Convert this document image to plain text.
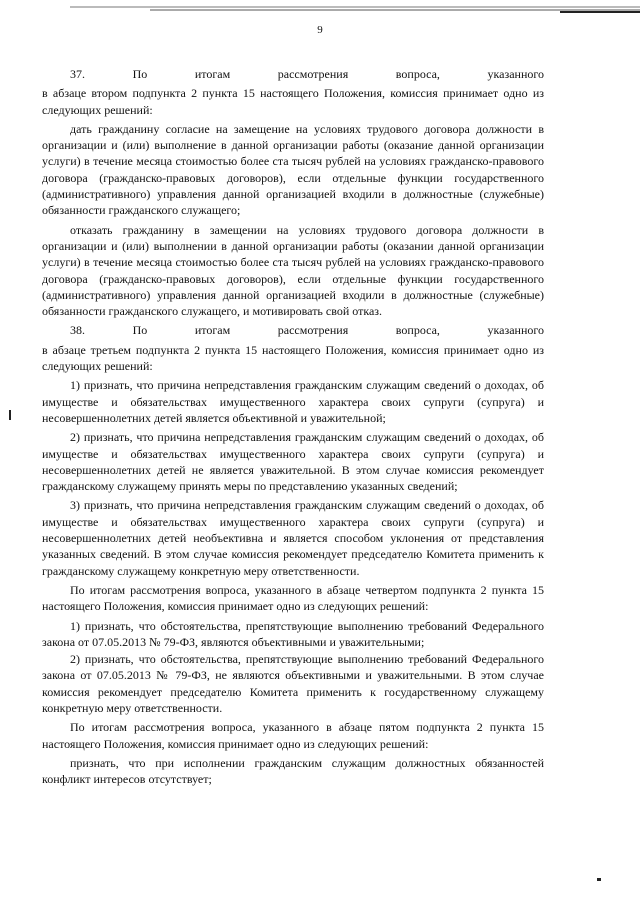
9

37.        По        итогам        рассмотрения        вопроса,        указанного

в абзаце втором подпункта 2 пункта 15 настоящего Положения, комиссия принимает одно из следующих решений:

дать гражданину согласие на замещение на условиях трудового договора должности в организации и (или) выполнение в данной организации работы (оказание данной организации услуги) в течение месяца стоимостью более ста тысяч рублей на условиях гражданско-правового договора (гражданско-правовых договоров), если отдельные функции государственного (административного) управления данной организацией входили в должностные (служебные) обязанности гражданского служащего;

отказать гражданину в замещении на условиях трудового договора должности в организации и (или) выполнении в данной организации работы (оказании данной организации услуги) в течение месяца стоимостью более ста тысяч рублей на условиях гражданско-правового договора (гражданско-правовых договоров), если отдельные функции государственного (административного) управления данной организацией входили в должностные (служебные) обязанности гражданского служащего, и мотивировать свой отказ.

38.        По        итогам        рассмотрения        вопроса,        указанного

в абзаце третьем подпункта 2 пункта 15 настоящего Положения, комиссия принимает одно из следующих решений:

1) признать, что причина непредставления гражданским служащим сведений о доходах, об имуществе и обязательствах имущественного характера своих супруги (супруга) и несовершеннолетних детей является объективной и уважительной;

2) признать, что причина непредставления гражданским служащим сведений о доходах, об имуществе и обязательствах имущественного характера своих супруги (супруга) и несовершеннолетних детей не является уважительной. В этом случае комиссия рекомендует гражданскому служащему принять меры по представлению указанных сведений;

3) признать, что причина непредставления гражданским служащим сведений о доходах, об имуществе и обязательствах имущественного характера своих супруги (супруга) и несовершеннолетних детей необъективна и является способом уклонения от представления указанных сведений. В этом случае комиссия рекомендует председателю Комитета применить к гражданскому служащему конкретную меру ответственности.

По итогам рассмотрения вопроса, указанного в абзаце четвертом подпункта 2 пункта 15 настоящего Положения, комиссия принимает одно из следующих решений:

1) признать, что обстоятельства, препятствующие выполнению требований Федерального закона от 07.05.2013 № 79-ФЗ, являются объективными и уважительными;

2) признать, что обстоятельства, препятствующие выполнению требований Федерального закона от 07.05.2013 № 79-ФЗ, не являются объективными и уважительными. В этом случае комиссия рекомендует председателю Комитета применить к государственному служащему конкретную меру ответственности.

По итогам рассмотрения вопроса, указанного в абзаце пятом подпункта 2 пункта 15 настоящего Положения, комиссия принимает одно из следующих решений:

признать, что при исполнении гражданским служащим должностных обязанностей конфликт интересов отсутствует;
